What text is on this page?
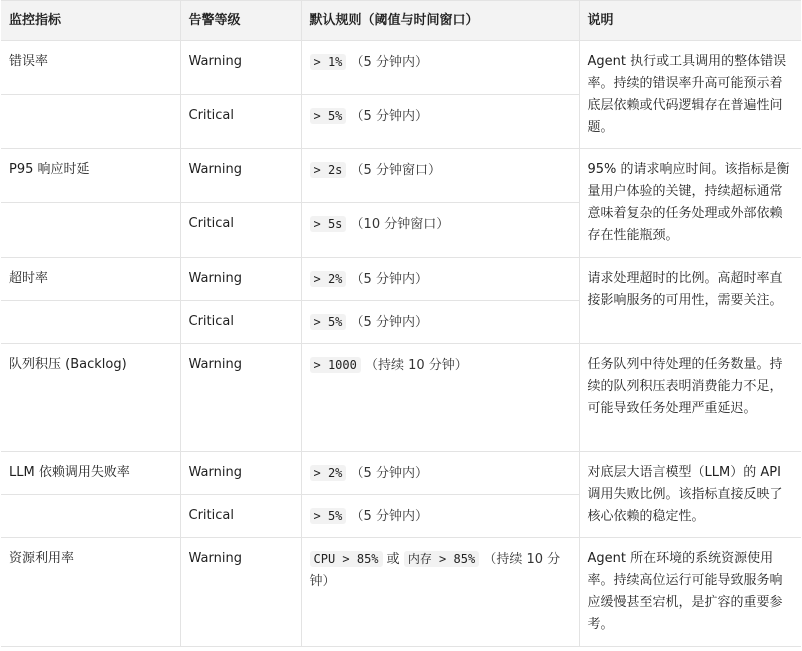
监控指标	告警等级	默认规则（阈值与时间窗口）	说明
错误率	Warning	> 1% （5 分钟内）	Agent 执行或工具调用的整体错误率。持续的错误率升高可能预示着底层依赖或代码逻辑存在普遍性问题。
	Critical	> 5% （5 分钟内）	
P95 响应时延	Warning	> 2s （5 分钟窗口）	95% 的请求响应时间。该指标是衡量用户体验的关键，持续超标通常意味着复杂的任务处理或外部依赖存在性能瓶颈。
	Critical	> 5s （10 分钟窗口）	
超时率	Warning	> 2% （5 分钟内）	请求处理超时的比例。高超时率直接影响服务的可用性，需要关注。
	Critical	> 5% （5 分钟内）	
队列积压 (Backlog)	Warning	> 1000 （持续 10 分钟）	任务队列中待处理的任务数量。持续的队列积压表明消费能力不足，可能导致任务处理严重延迟。
LLM 依赖调用失败率	Warning	> 2% （5 分钟内）	对底层大语言模型（LLM）的 API 调用失败比例。该指标直接反映了核心依赖的稳定性。
	Critical	> 5% （5 分钟内）	
资源利用率	Warning	CPU > 85% 或 内存 > 85% （持续 10 分钟）	Agent 所在环境的系统资源使用率。持续高位运行可能导致服务响应缓慢甚至宕机，是扩容的重要参考。
